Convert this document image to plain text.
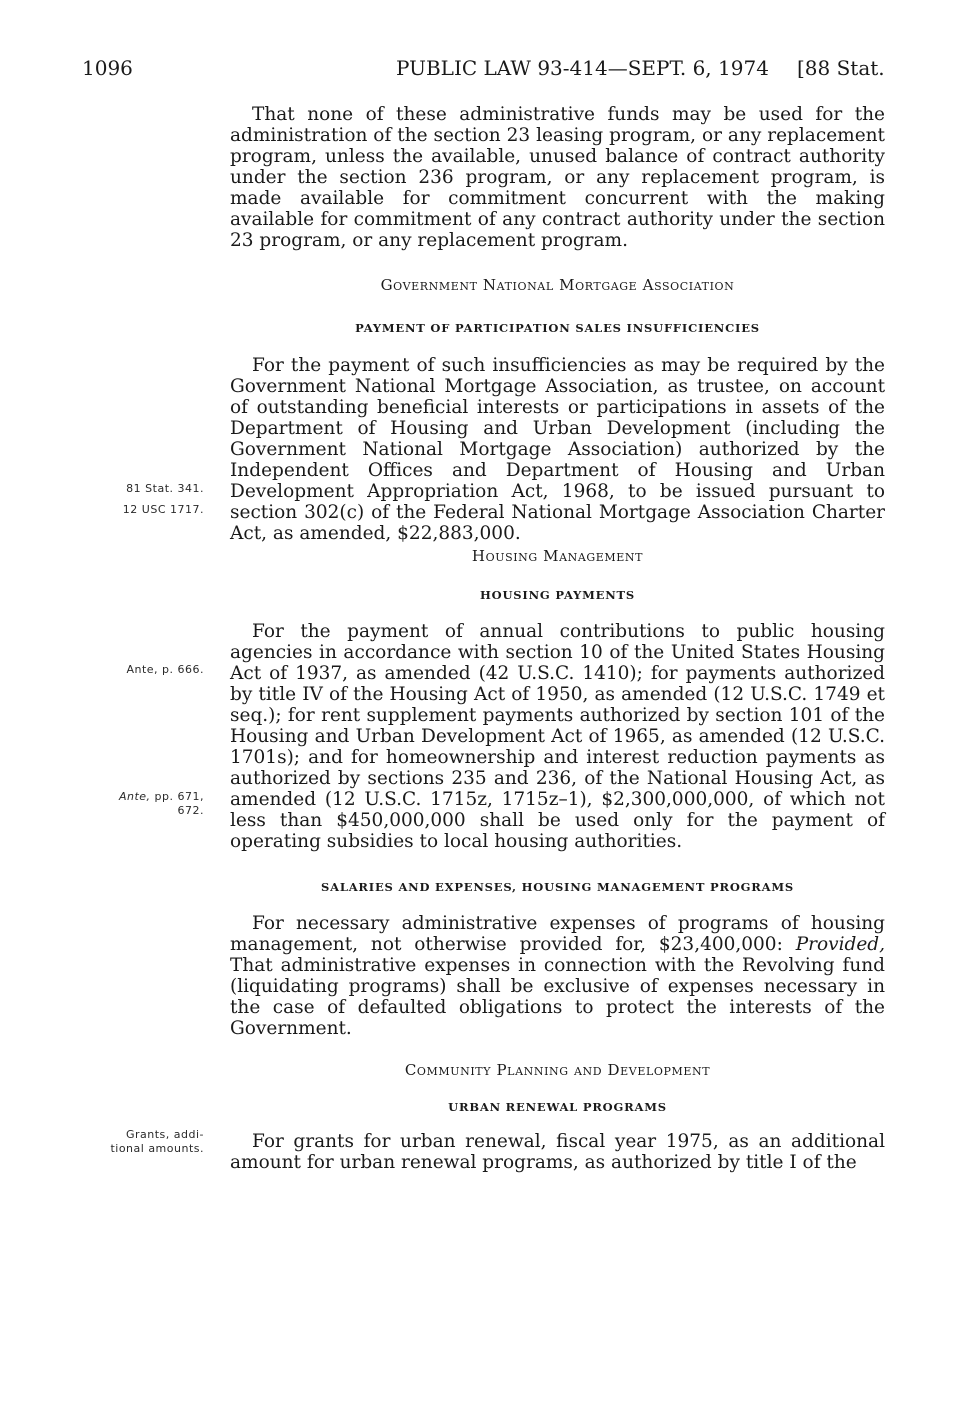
1096	PUBLIC LAW 93-414—SEPT. 6, 1974 [88 Stat.

That none of these administrative funds may be used for the administration of the section 23 leasing program, or any replacement program, unless the available, unused balance of contract authority under the section 236 program, or any replacement program, is made available for commitment concurrent with the making available for commitment of any contract authority under the section 23 program, or any replacement program.

Government National Mortgage Association
PAYMENT OF PARTICIPATION SALES INSUFFICIENCIES

For the payment of such insufficiencies as may be required by the Government National Mortgage Association, as trustee, on account of outstanding beneficial interests or participations in assets of the Department of Housing and Urban Development (including the Government National Mortgage Association) authorized by the Independent Offices and Department of Housing and Urban Development Appropriation Act, 1968, to be issued pursuant to section 302(c) of the Federal National Mortgage Association Charter Act, as amended, $22,883,000.

Housing Management
HOUSING PAYMENTS

For the payment of annual contributions to public housing agencies in accordance with section 10 of the United States Housing Act of 1937, as amended (42 U.S.C. 1410); for payments authorized by title IV of the Housing Act of 1950, as amended (12 U.S.C. 1749 et seq.); for rent supplement payments authorized by section 101 of the Housing and Urban Development Act of 1965, as amended (12 U.S.C. 1701s); and for homeownership and interest reduction payments as authorized by sections 235 and 236, of the National Housing Act, as amended (12 U.S.C. 1715z, 1715z–1), $2,300,000,000, of which not less than $450,000,000 shall be used only for the payment of operating subsidies to local housing authorities.

SALARIES AND EXPENSES, HOUSING MANAGEMENT PROGRAMS

For necessary administrative expenses of programs of housing management, not otherwise provided for, $23,400,000: Provided, That administrative expenses in connection with the Revolving fund (liquidating programs) shall be exclusive of expenses necessary in the case of defaulted obligations to protect the interests of the Government.

Community Planning and Development
URBAN RENEWAL PROGRAMS

For grants for urban renewal, fiscal year 1975, as an additional amount for urban renewal programs, as authorized by title I of the

81 Stat. 341.
12 USC 1717.
Ante, p. 666.
Ante, pp. 671,
672.
Grants, addi-
tional amounts.
